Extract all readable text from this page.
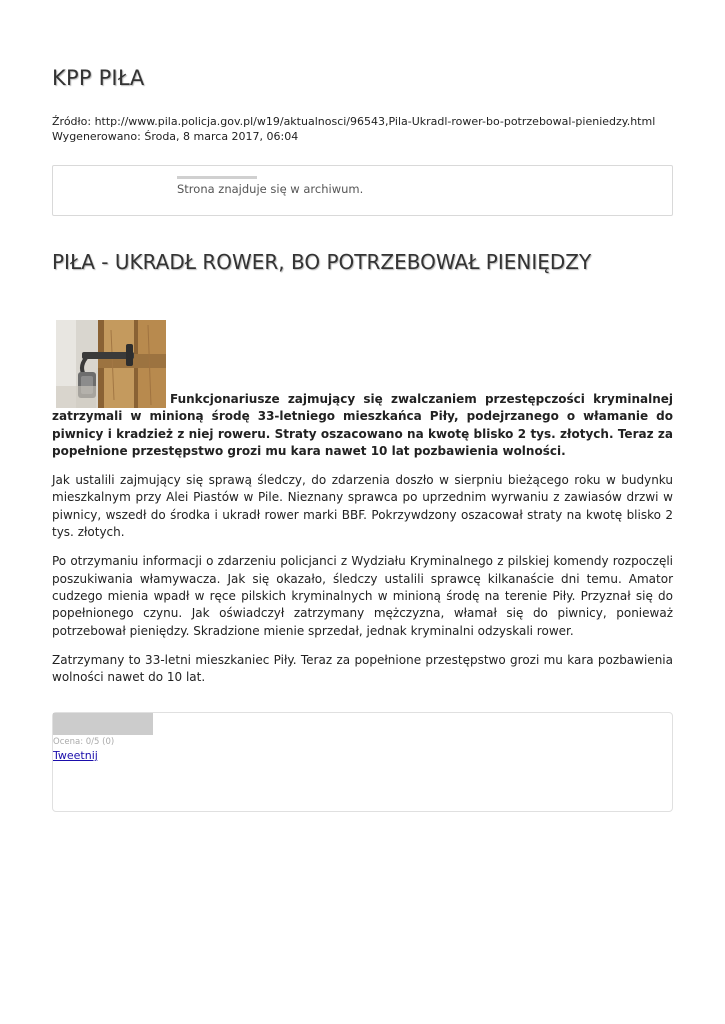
KPP PIŁA
Źródło: http://www.pila.policja.gov.pl/w19/aktualnosci/96543,Pila-Ukradl-rower-bo-potrzebowal-pieniedzy.html
Wygenerowano: Środa, 8 marca 2017, 06:04
Strona znajduje się w archiwum.
PIŁA - UKRADŁ ROWER, BO POTRZEBOWAŁ PIENIĘDZY

Funkcjonariusze zajmujący się zwalczaniem przestępczości kryminalnej zatrzymali w minioną środę 33-letniego mieszkańca Piły, podejrzanego o włamanie do piwnicy i kradzież z niej roweru. Straty oszacowano na kwotę blisko 2 tys. złotych. Teraz za popełnione przestępstwo grozi mu kara nawet 10 lat pozbawienia wolności.

Jak ustalili zajmujący się sprawą śledczy, do zdarzenia doszło w sierpniu bieżącego roku w budynku mieszkalnym przy Alei Piastów w Pile. Nieznany sprawca po uprzednim wyrwaniu z zawiasów drzwi w piwnicy, wszedł do środka i ukradł rower marki BBF. Pokrzywdzony oszacował straty na kwotę blisko 2 tys. złotych.

Po otrzymaniu informacji o zdarzeniu policjanci z Wydziału Kryminalnego z pilskiej komendy rozpoczęli poszukiwania włamywacza. Jak się okazało, śledczy ustalili sprawcę kilkanaście dni temu. Amator cudzego mienia wpadł w ręce pilskich kryminalnych w minioną środę na terenie Piły. Przyznał się do popełnionego czynu. Jak oświadczył zatrzymany mężczyzna, włamał się do piwnicy, ponieważ potrzebował pieniędzy. Skradzione mienie sprzedał, jednak kryminalni odzyskali rower.

Zatrzymany to 33-letni mieszkaniec Piły. Teraz za popełnione przestępstwo grozi mu kara pozbawienia wolności nawet do 10 lat.

Ocena: 0/5 (0)
Tweetnij
